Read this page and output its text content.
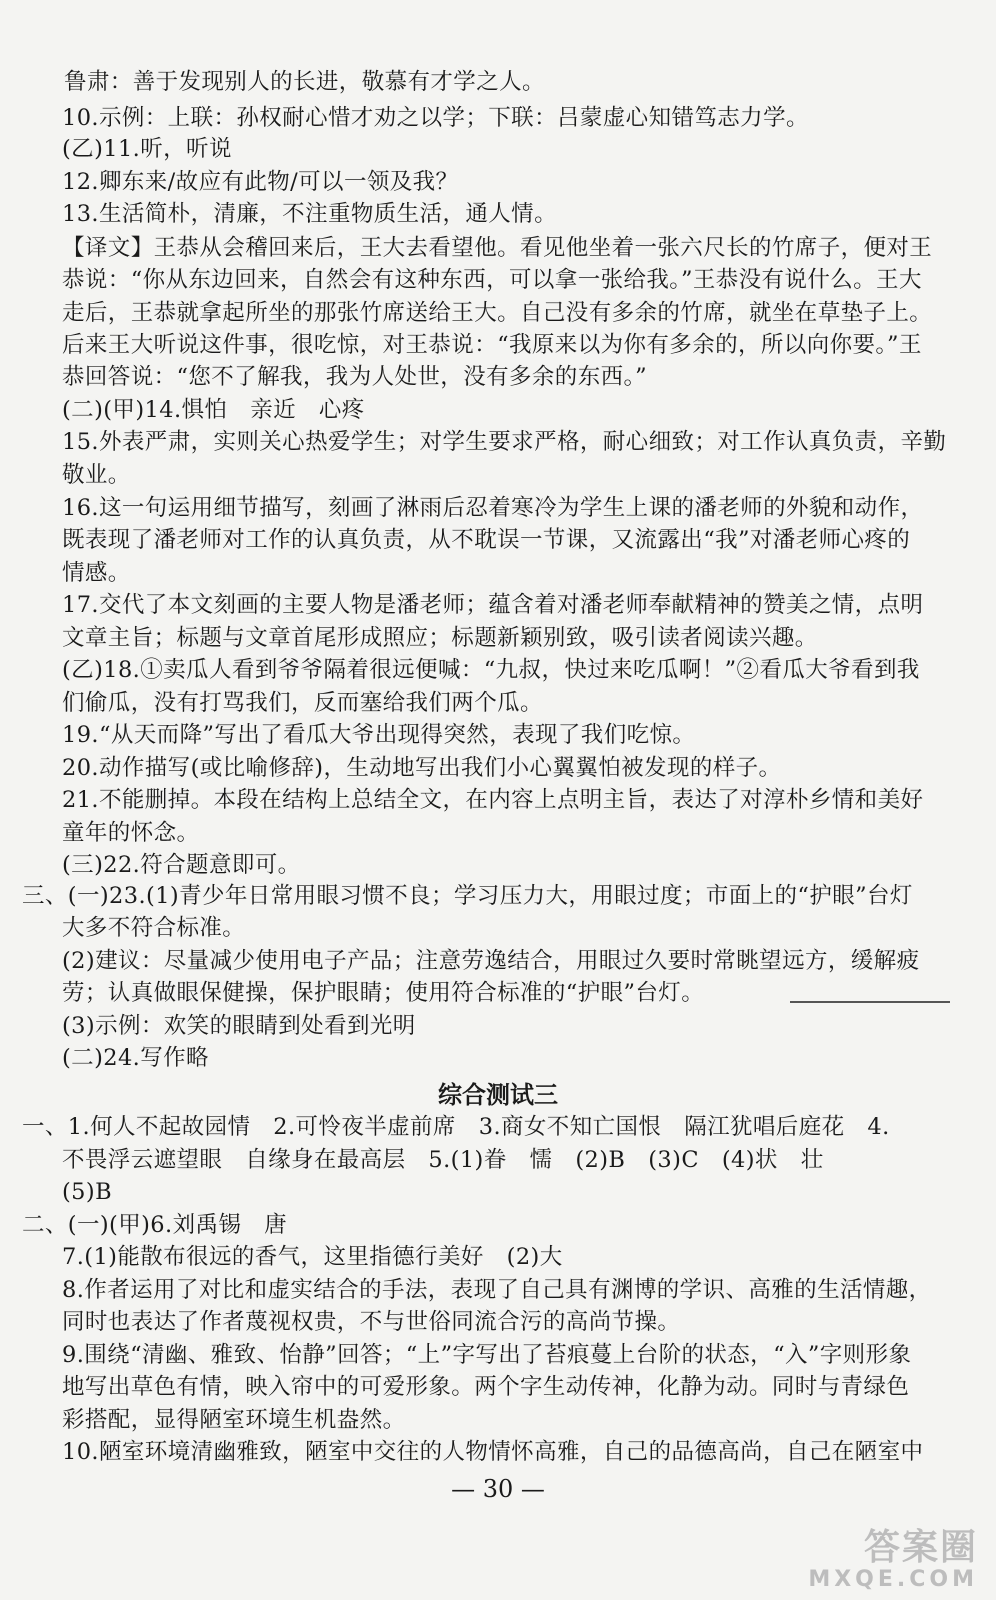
鲁肃：善于发现别人的长进，敬慕有才学之人。
10.示例：上联：孙权耐心惜才劝之以学；下联：吕蒙虚心知错笃志力学。
(乙)11.听，听说
12.卿东来/故应有此物/可以一领及我？
13.生活简朴，清廉，不注重物质生活，通人情。
【译文】王恭从会稽回来后，王大去看望他。看见他坐着一张六尺长的竹席子，便对王
恭说：“你从东边回来，自然会有这种东西，可以拿一张给我。”王恭没有说什么。王大
走后，王恭就拿起所坐的那张竹席送给王大。自己没有多余的竹席，就坐在草垫子上。
后来王大听说这件事，很吃惊，对王恭说：“我原来以为你有多余的，所以向你要。”王
恭回答说：“您不了解我，我为人处世，没有多余的东西。”
(二)(甲)14.惧怕　亲近　心疼
15.外表严肃，实则关心热爱学生；对学生要求严格，耐心细致；对工作认真负责，辛勤
敬业。
16.这一句运用细节描写，刻画了淋雨后忍着寒冷为学生上课的潘老师的外貌和动作，
既表现了潘老师对工作的认真负责，从不耽误一节课，又流露出“我”对潘老师心疼的
情感。
17.交代了本文刻画的主要人物是潘老师；蕴含着对潘老师奉献精神的赞美之情，点明
文章主旨；标题与文章首尾形成照应；标题新颖别致，吸引读者阅读兴趣。
(乙)18.①卖瓜人看到爷爷隔着很远便喊：“九叔，快过来吃瓜啊！”②看瓜大爷看到我
们偷瓜，没有打骂我们，反而塞给我们两个瓜。
19.“从天而降”写出了看瓜大爷出现得突然，表现了我们吃惊。
20.动作描写(或比喻修辞)，生动地写出我们小心翼翼怕被发现的样子。
21.不能删掉。本段在结构上总结全文，在内容上点明主旨，表达了对淳朴乡情和美好
童年的怀念。
(三)22.符合题意即可。
三、(一)23.(1)青少年日常用眼习惯不良；学习压力大，用眼过度；市面上的“护眼”台灯
大多不符合标准。
(2)建议：尽量减少使用电子产品；注意劳逸结合，用眼过久要时常眺望远方，缓解疲
劳；认真做眼保健操，保护眼睛；使用符合标准的“护眼”台灯。
(3)示例：欢笑的眼睛到处看到光明
(二)24.写作略
综合测试三
一、1.何人不起故园情　2.可怜夜半虚前席　3.商女不知亡国恨　隔江犹唱后庭花　4.
不畏浮云遮望眼　自缘身在最高层　5.(1)眷　懦　(2)B　(3)C　(4)状　壮
(5)B
二、(一)(甲)6.刘禹锡　唐
7.(1)能散布很远的香气，这里指德行美好　(2)大
8.作者运用了对比和虚实结合的手法，表现了自己具有渊博的学识、高雅的生活情趣，
同时也表达了作者蔑视权贵，不与世俗同流合污的高尚节操。
9.围绕“清幽、雅致、怡静”回答；“上”字写出了苔痕蔓上台阶的状态，“入”字则形象
地写出草色有情，映入帘中的可爱形象。两个字生动传神，化静为动。同时与青绿色
彩搭配，显得陋室环境生机盎然。
10.陋室环境清幽雅致，陋室中交往的人物情怀高雅，自己的品德高尚，自己在陋室中
— 30 —
答案圈
MXQE.COM
